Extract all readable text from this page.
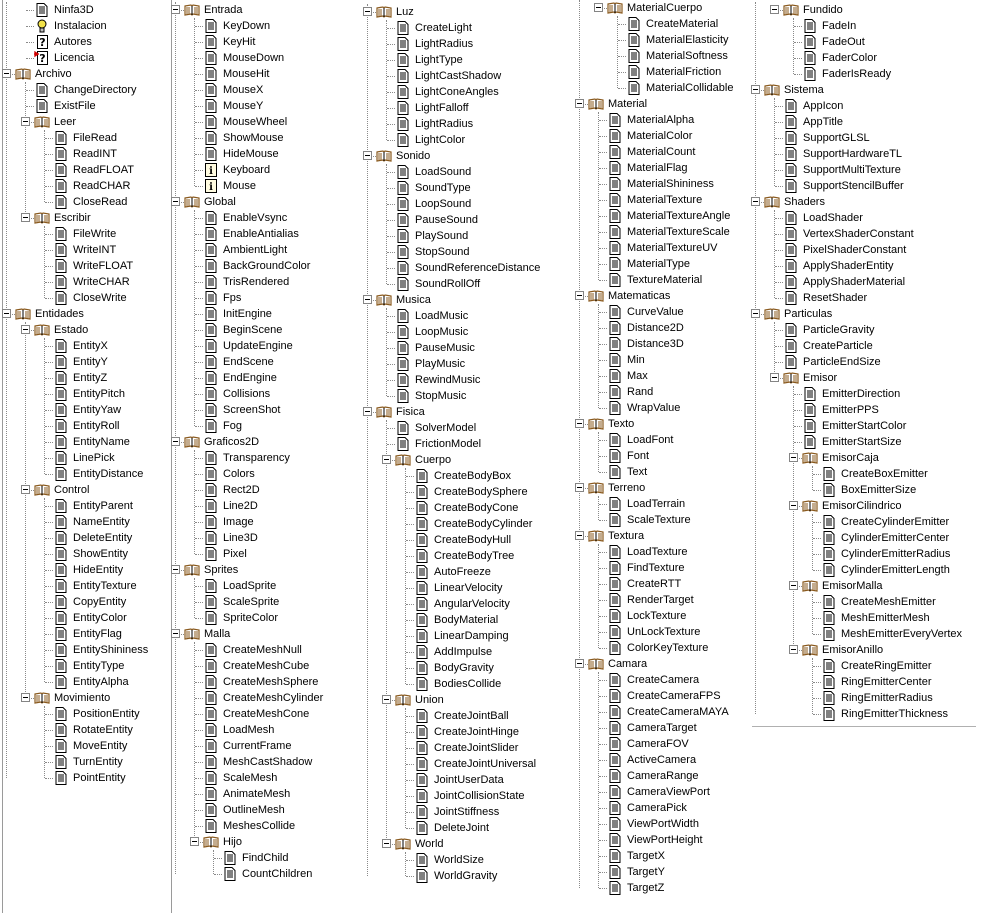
Ninfa3D
Instalacion
? Autores
? Licencia
Archivo
ChangeDirectory
ExistFile
Leer
FileRead
ReadINT
ReadFLOAT
ReadCHAR
CloseRead
Escribir
FileWrite
WriteINT
WriteFLOAT
WriteCHAR
CloseWrite
Entidades
Estado
EntityX
EntityY
EntityZ
EntityPitch
EntityYaw
EntityRoll
EntityName
LinePick
EntityDistance
Control
EntityParent
NameEntity
DeleteEntity
ShowEntity
HideEntity
EntityTexture
CopyEntity
EntityColor
EntityFlag
EntityShininess
EntityType
EntityAlpha
Movimiento
PositionEntity
RotateEntity
MoveEntity
TurnEntity
PointEntity
Entrada
KeyDown
KeyHit
MouseDown
MouseHit
MouseX
MouseY
MouseWheel
ShowMouse
HideMouse
i Keyboard
i Mouse
Global
EnableVsync
EnableAntialias
AmbientLight
BackGroundColor
TrisRendered
Fps
InitEngine
BeginScene
UpdateEngine
EndScene
EndEngine
Collisions
ScreenShot
Fog
Graficos2D
Transparency
Colors
Rect2D
Line2D
Image
Line3D
Pixel
Sprites
LoadSprite
ScaleSprite
SpriteColor
Malla
CreateMeshNull
CreateMeshCube
CreateMeshSphere
CreateMeshCylinder
CreateMeshCone
LoadMesh
CurrentFrame
MeshCastShadow
ScaleMesh
AnimateMesh
OutlineMesh
MeshesCollide
Hijo
FindChild
CountChildren
Luz
CreateLight
LightRadius
LightType
LightCastShadow
LightConeAngles
LightFalloff
LightRadius
LightColor
Sonido
LoadSound
SoundType
LoopSound
PauseSound
PlaySound
StopSound
SoundReferenceDistance
SoundRollOff
Musica
LoadMusic
LoopMusic
PauseMusic
PlayMusic
RewindMusic
StopMusic
Fisica
SolverModel
FrictionModel
Cuerpo
CreateBodyBox
CreateBodySphere
CreateBodyCone
CreateBodyCylinder
CreateBodyHull
CreateBodyTree
AutoFreeze
LinearVelocity
AngularVelocity
BodyMaterial
LinearDamping
AddImpulse
BodyGravity
BodiesCollide
Union
CreateJointBall
CreateJointHinge
CreateJointSlider
CreateJointUniversal
JointUserData
JointCollisionState
JointStiffness
DeleteJoint
World
WorldSize
WorldGravity
MaterialCuerpo
CreateMaterial
MaterialElasticity
MaterialSoftness
MaterialFriction
MaterialCollidable
Material
MaterialAlpha
MaterialColor
MaterialCount
MaterialFlag
MaterialShininess
MaterialTexture
MaterialTextureAngle
MaterialTextureScale
MaterialTextureUV
MaterialType
TextureMaterial
Matematicas
CurveValue
Distance2D
Distance3D
Min
Max
Rand
WrapValue
Texto
LoadFont
Font
Text
Terreno
LoadTerrain
ScaleTexture
Textura
LoadTexture
FindTexture
CreateRTT
RenderTarget
LockTexture
UnLockTexture
ColorKeyTexture
Camara
CreateCamera
CreateCameraFPS
CreateCameraMAYA
CameraTarget
CameraFOV
ActiveCamera
CameraRange
CameraViewPort
CameraPick
ViewPortWidth
ViewPortHeight
TargetX
TargetY
TargetZ
Fundido
FadeIn
FadeOut
FaderColor
FaderIsReady
Sistema
AppIcon
AppTitle
SupportGLSL
SupportHardwareTL
SupportMultiTexture
SupportStencilBuffer
Shaders
LoadShader
VertexShaderConstant
PixelShaderConstant
ApplyShaderEntity
ApplyShaderMaterial
ResetShader
Particulas
ParticleGravity
CreateParticle
ParticleEndSize
Emisor
EmitterDirection
EmitterPPS
EmitterStartColor
EmitterStartSize
EmisorCaja
CreateBoxEmitter
BoxEmitterSize
EmisorCilindrico
CreateCylinderEmitter
CylinderEmitterCenter
CylinderEmitterRadius
CylinderEmitterLength
EmisorMalla
CreateMeshEmitter
MeshEmitterMesh
MeshEmitterEveryVertex
EmisorAnillo
CreateRingEmitter
RingEmitterCenter
RingEmitterRadius
RingEmitterThickness
